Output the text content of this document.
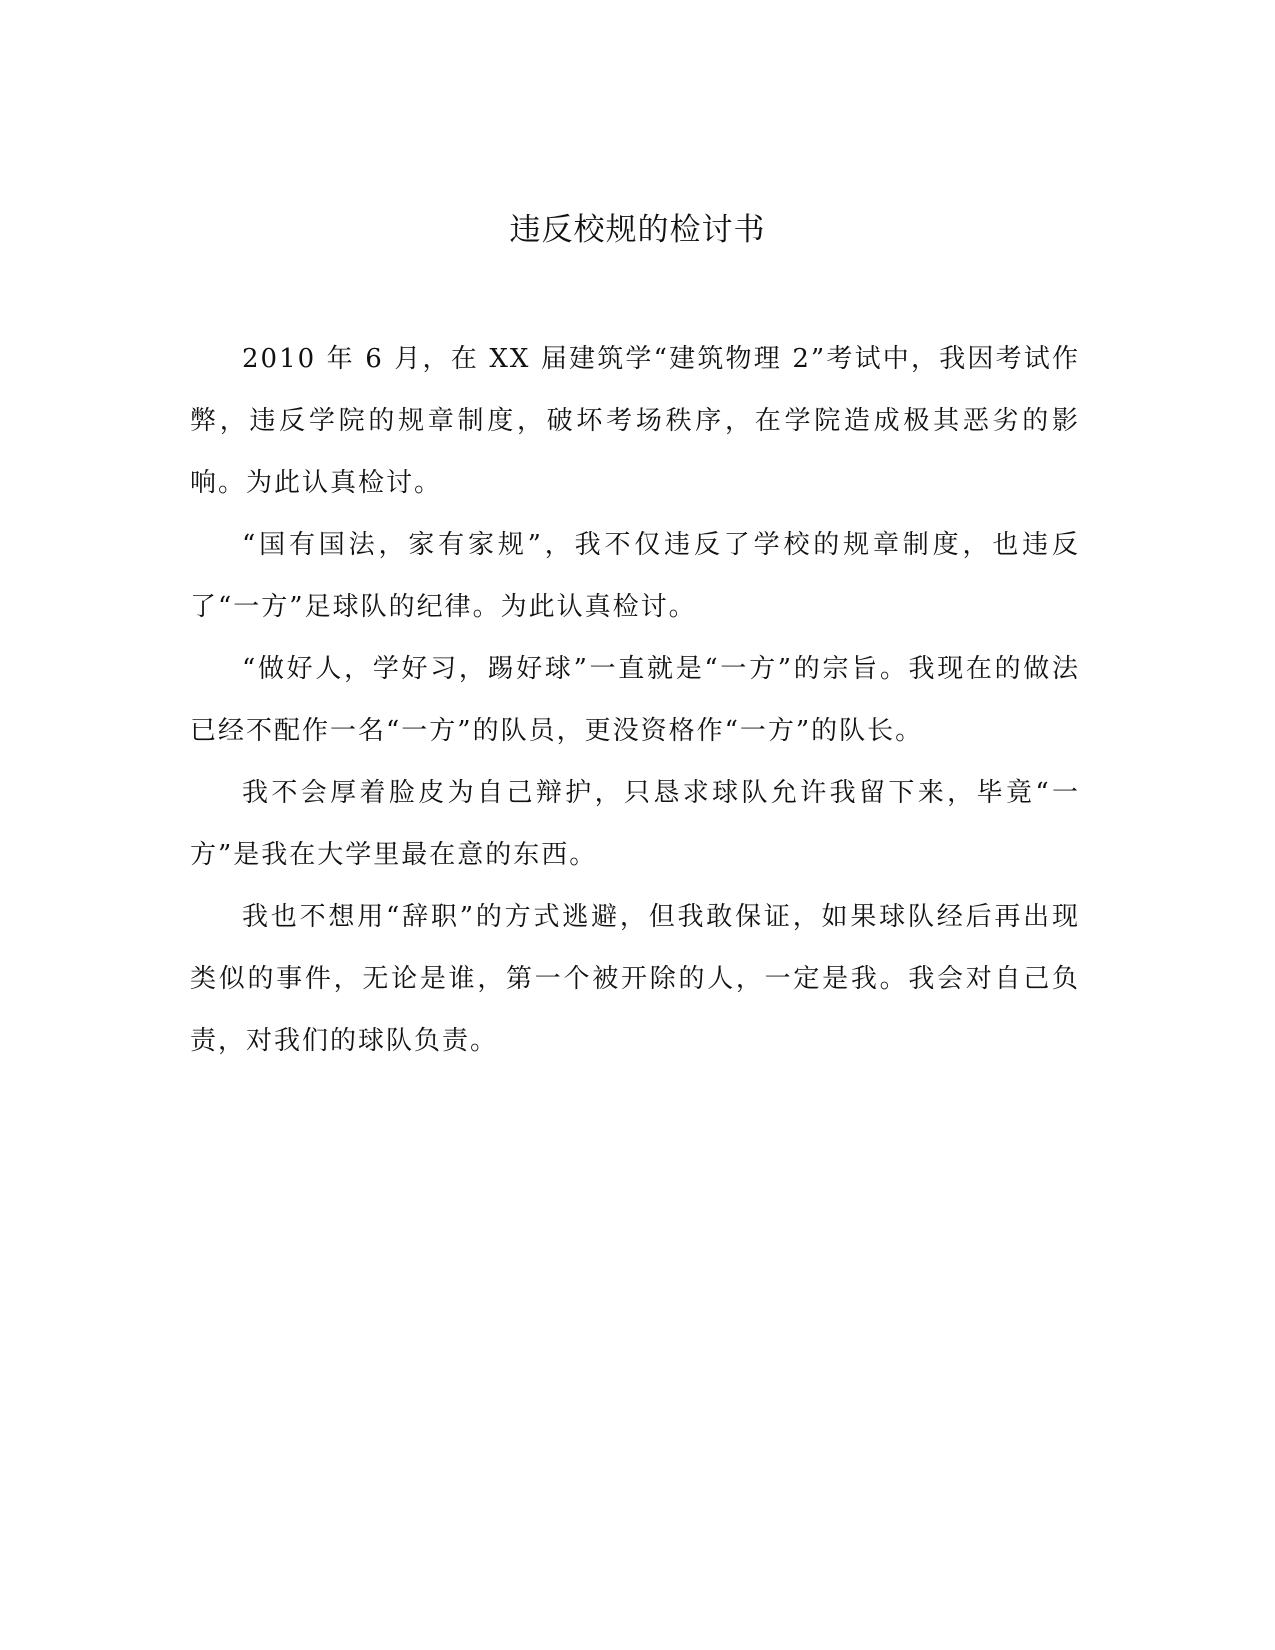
违反校规的检讨书

2010 年 6 月，在 XX 届建筑学“建筑物理 2”考试中，我因考试作弊，违反学院的规章制度，破坏考场秩序，在学院造成极其恶劣的影响。为此认真检讨。

“国有国法，家有家规”，我不仅违反了学校的规章制度，也违反了“一方”足球队的纪律。为此认真检讨。

“做好人，学好习，踢好球”一直就是“一方”的宗旨。我现在的做法已经不配作一名“一方”的队员，更没资格作“一方”的队长。

我不会厚着脸皮为自己辩护，只恳求球队允许我留下来，毕竟“一方”是我在大学里最在意的东西。

我也不想用“辞职”的方式逃避，但我敢保证，如果球队经后再出现类似的事件，无论是谁，第一个被开除的人，一定是我。我会对自己负责，对我们的球队负责。
